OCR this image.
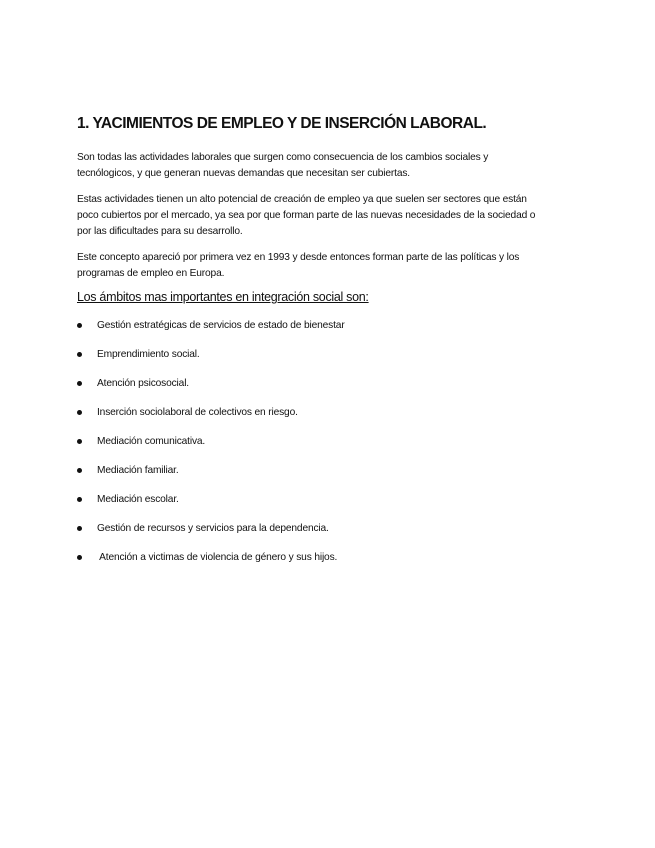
1. YACIMIENTOS DE EMPLEO Y DE INSERCIÓN LABORAL.

Son todas las actividades laborales que surgen como consecuencia de los cambios sociales y
tecnólogicos, y que generan nuevas demandas que necesitan ser cubiertas.

Estas actividades tienen un alto potencial de creación de empleo ya que suelen ser sectores que están
poco cubiertos por el mercado, ya sea por que forman parte de las nuevas necesidades de la sociedad o
por las dificultades para su desarrollo.

Este concepto apareció por primera vez en 1993 y desde entonces forman parte de las políticas y los
programas de empleo en Europa.

Los ámbitos mas importantes en integración social son:
Gestión estratégicas de servicios de estado de bienestar
Emprendimiento social.
Atención psicosocial.
Inserción sociolaboral de colectivos en riesgo.
Mediación comunicativa.
Mediación familiar.
Mediación escolar.
Gestión de recursos y servicios para la dependencia.
Atención a victimas de violencia de género y sus hijos.
